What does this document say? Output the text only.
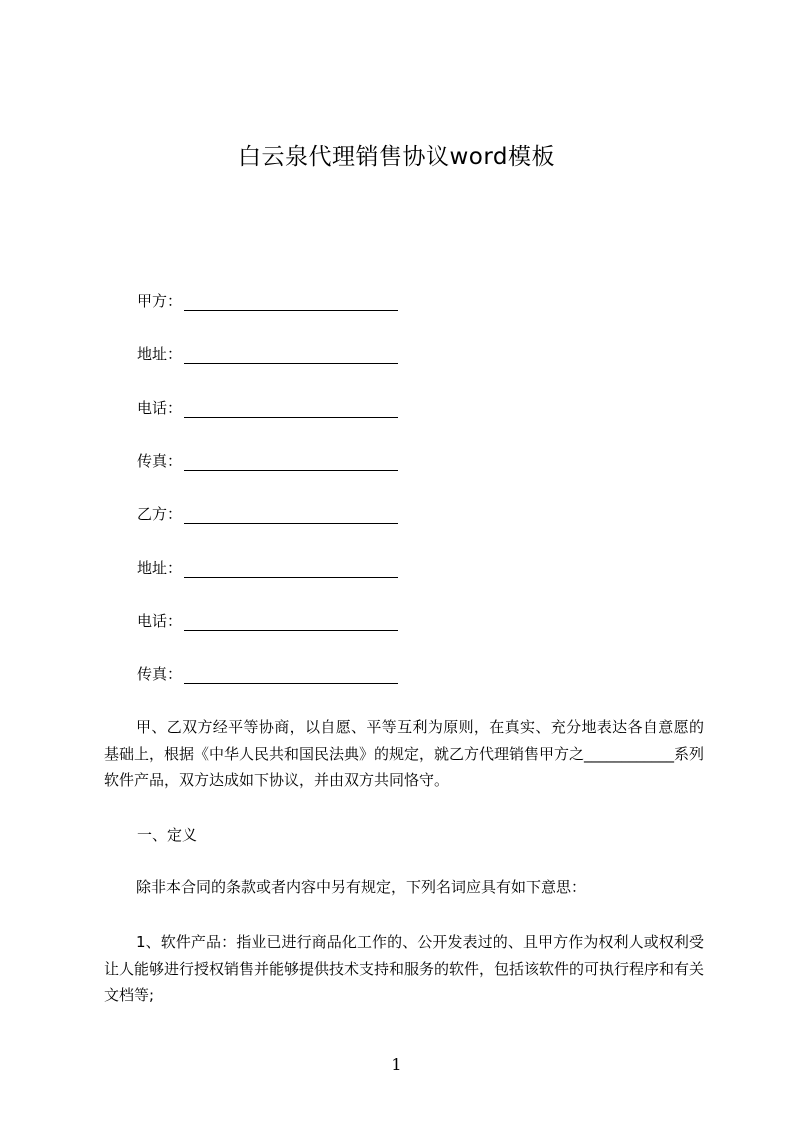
白云泉代理销售协议word模板
甲方：
地址：
电话：
传真：
乙方：
地址：
电话：
传真：

甲、乙双方经平等协商，以自愿、平等互利为原则，在真实、充分地表达各自意愿的基础上，根据《中华人民共和国民法典》的规定，就乙方代理销售甲方之____________系列软件产品，双方达成如下协议，并由双方共同恪守。

一、定义

除非本合同的条款或者内容中另有规定，下列名词应具有如下意思：

1、软件产品：指业已进行商品化工作的、公开发表过的、且甲方作为权利人或权利受让人能够进行授权销售并能够提供技术支持和服务的软件，包括该软件的可执行程序和有关文档等;

1
